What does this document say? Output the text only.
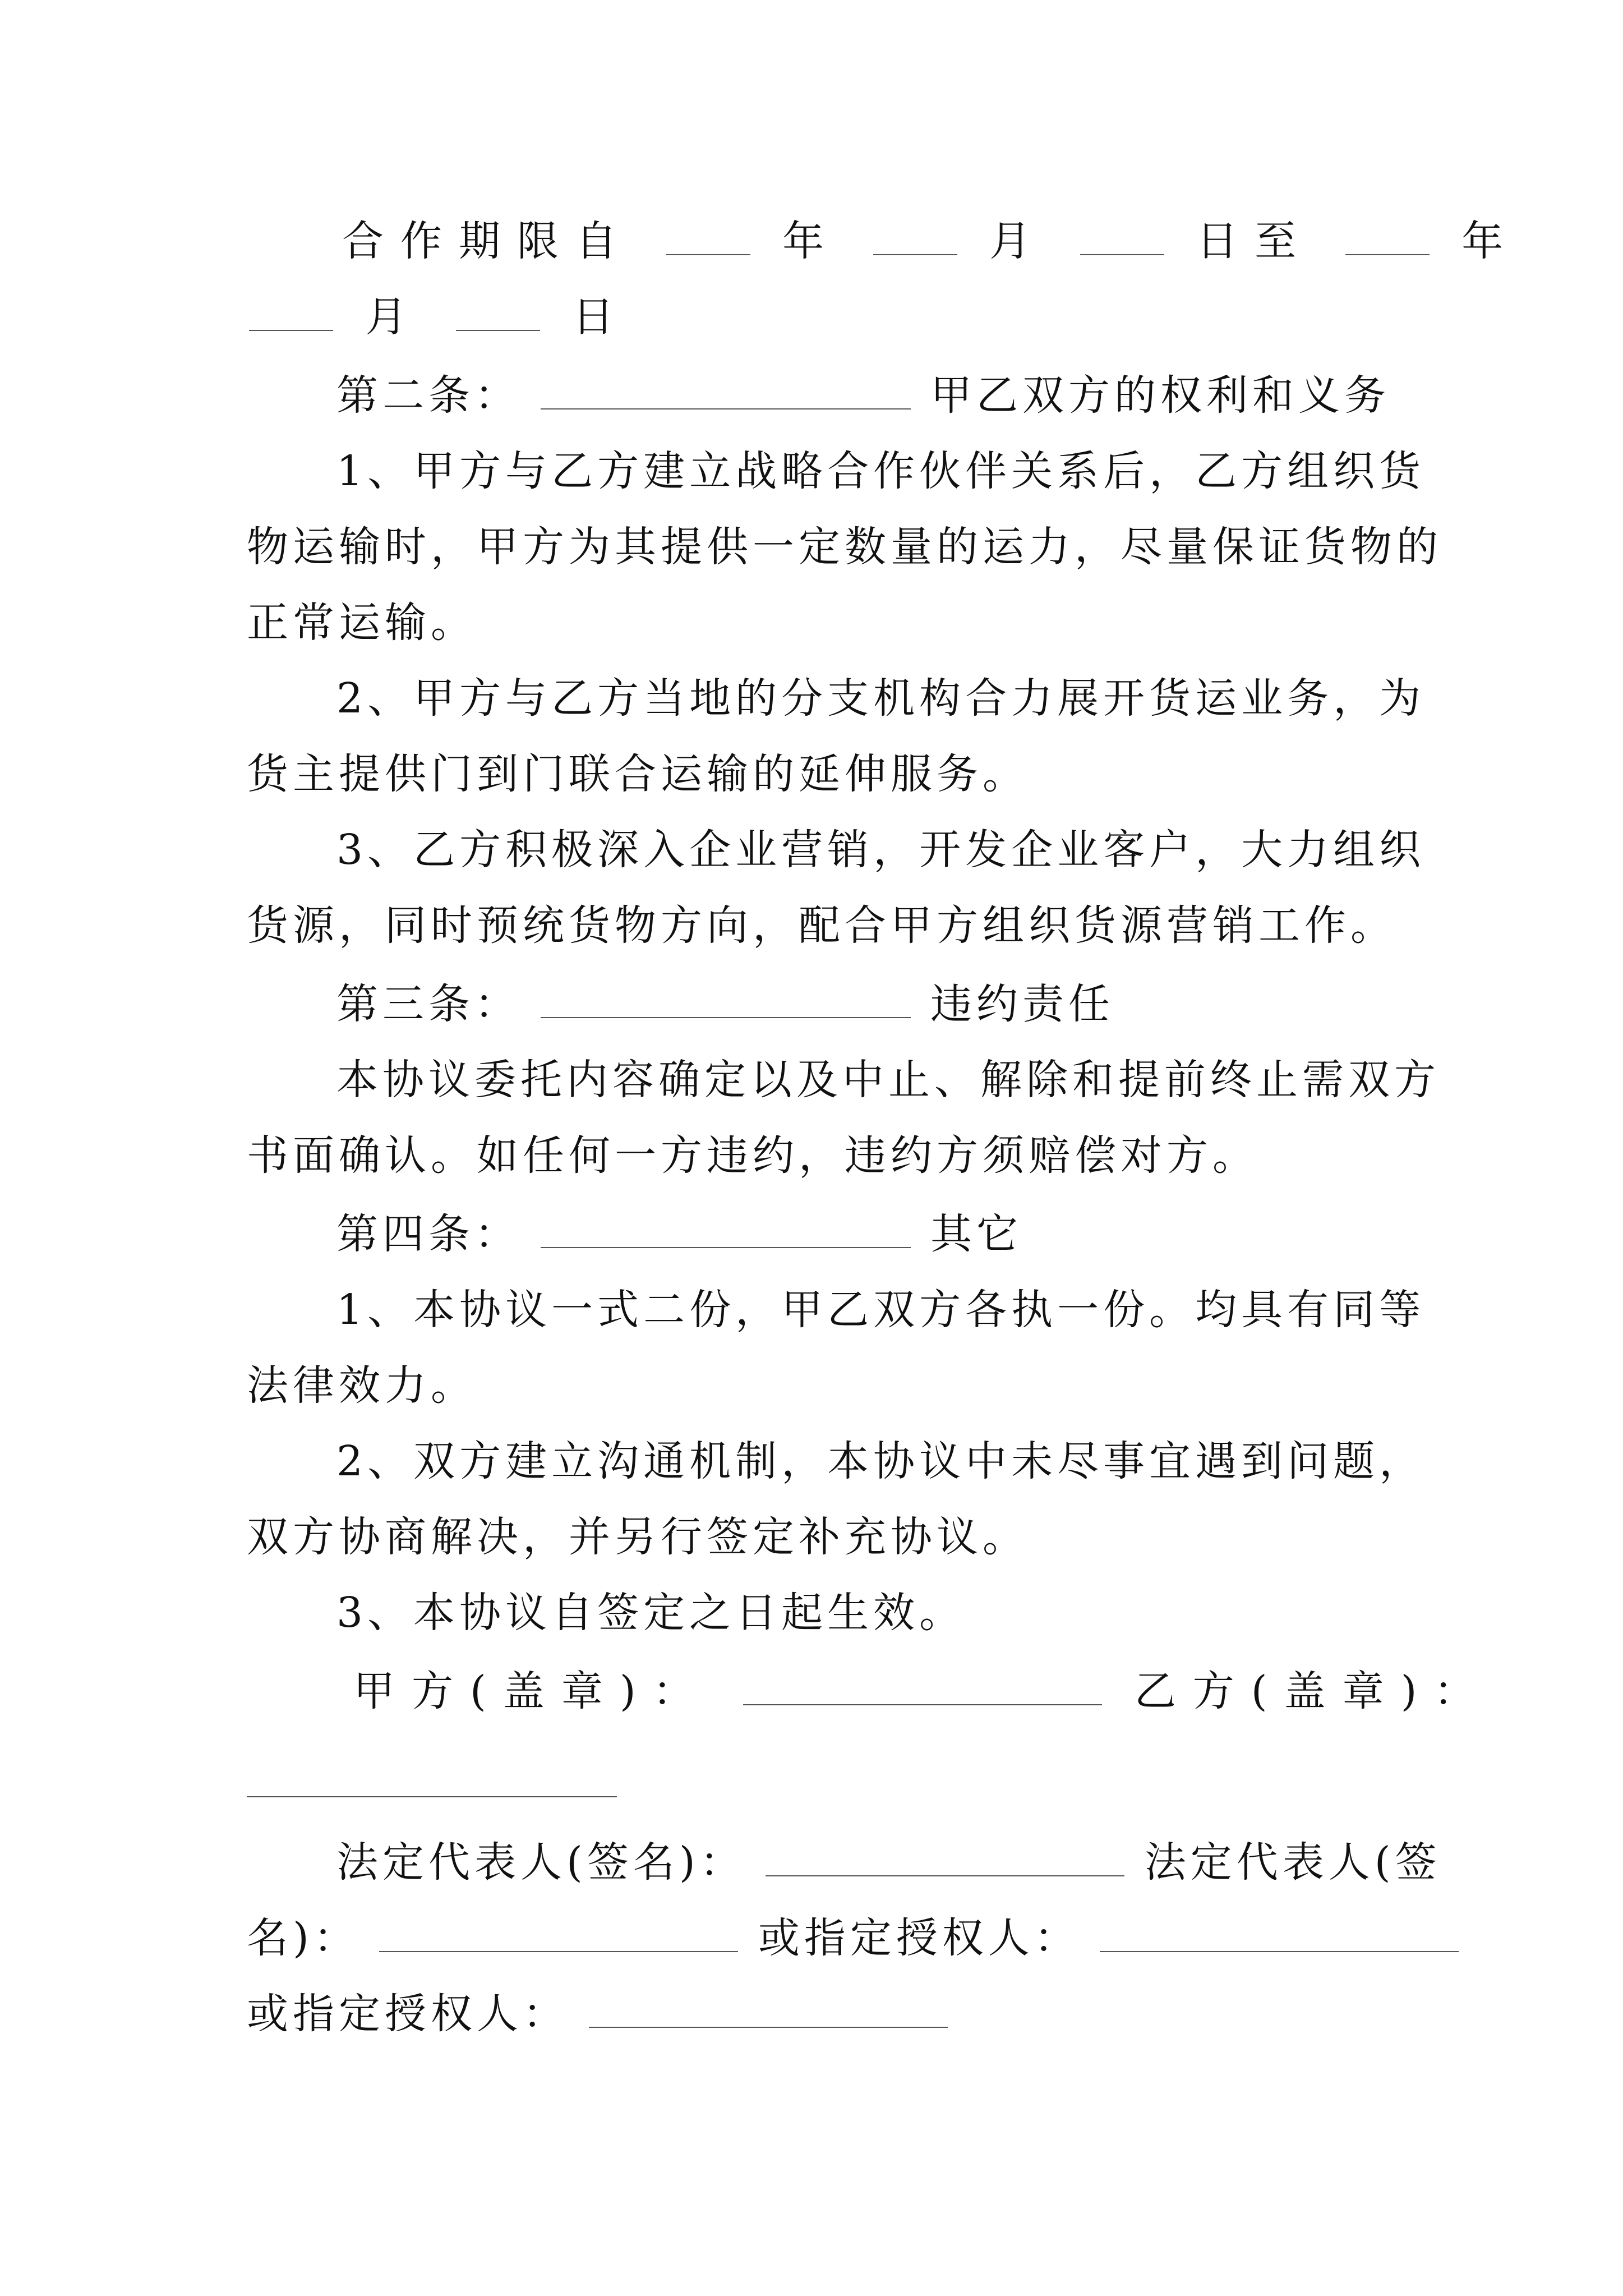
合作期限自	年	月	日至	年
月	日
第二条：	甲乙双方的权利和义务
1、甲方与乙方建立战略合作伙伴关系后，乙方组织货
物运输时，甲方为其提供一定数量的运力，尽量保证货物的
正常运输。
2、甲方与乙方当地的分支机构合力展开货运业务，为
货主提供门到门联合运输的延伸服务。
3、乙方积极深入企业营销，开发企业客户，大力组织
货源，同时预统货物方向，配合甲方组织货源营销工作。
第三条：	违约责任
本协议委托内容确定以及中止、解除和提前终止需双方
书面确认。如任何一方违约，违约方须赔偿对方。
第四条：	其它
1、本协议一式二份，甲乙双方各执一份。均具有同等
法律效力。
2、双方建立沟通机制，本协议中未尽事宜遇到问题，
双方协商解决，并另行签定补充协议。
3、本协议自签定之日起生效。
甲方(盖章)：	乙方(盖章)：
法定代表人(签名)：	法定代表人(签
名)：	或指定授权人：
或指定授权人：
